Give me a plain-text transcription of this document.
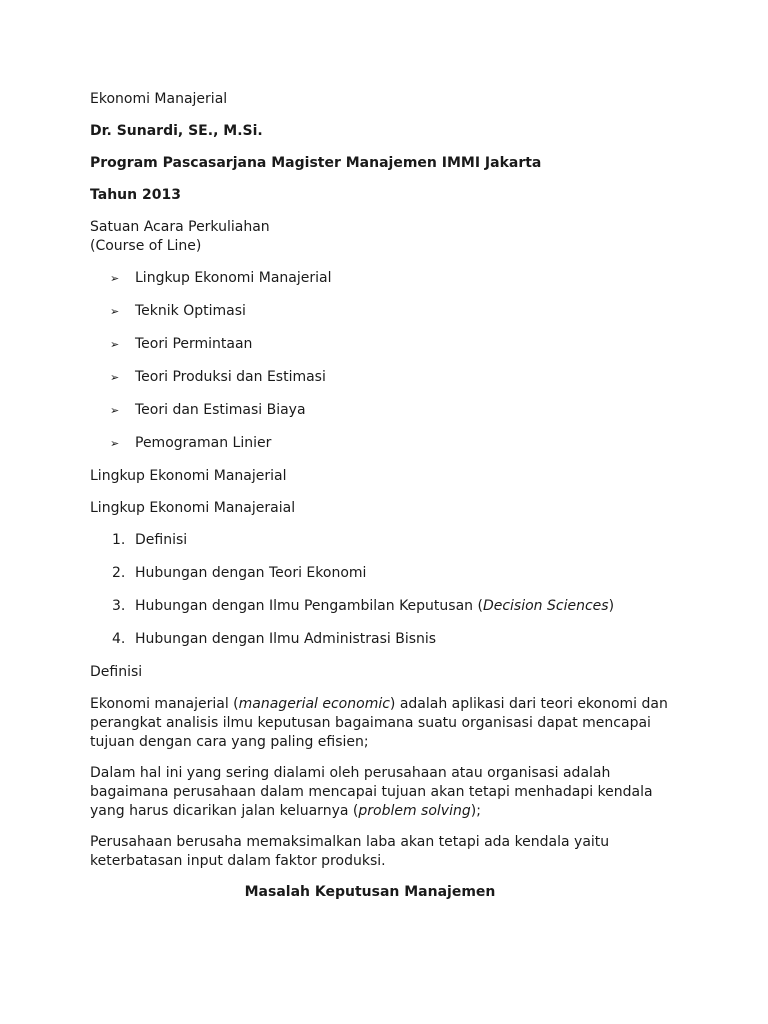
Ekonomi Manajerial

Dr. Sunardi, SE., M.Si.

Program Pascasarjana Magister Manajemen IMMI Jakarta

Tahun 2013

Satuan Acara Perkuliahan

(Course of Line)

➢ Lingkup Ekonomi Manajerial
➢ Teknik Optimasi
➢ Teori Permintaan
➢ Teori Produksi dan Estimasi
➢ Teori dan Estimasi Biaya
➢ Pemograman Linier

Lingkup Ekonomi Manajerial

Lingkup Ekonomi Manajeraial

1. Definisi
2. Hubungan dengan Teori Ekonomi
3. Hubungan dengan Ilmu Pengambilan Keputusan (Decision Sciences)
4. Hubungan dengan Ilmu Administrasi Bisnis

Definisi

Ekonomi manajerial (managerial economic) adalah aplikasi dari teori ekonomi dan
perangkat analisis ilmu keputusan bagaimana suatu organisasi dapat mencapai
tujuan dengan cara yang paling efisien;
Dalam hal ini yang sering dialami oleh perusahaan atau organisasi adalah
bagaimana perusahaan dalam mencapai tujuan akan tetapi menhadapi kendala
yang harus dicarikan jalan keluarnya (problem solving);
Perusahaan berusaha memaksimalkan laba akan tetapi ada kendala yaitu
keterbatasan input dalam faktor produksi.
Masalah Keputusan Manajemen
